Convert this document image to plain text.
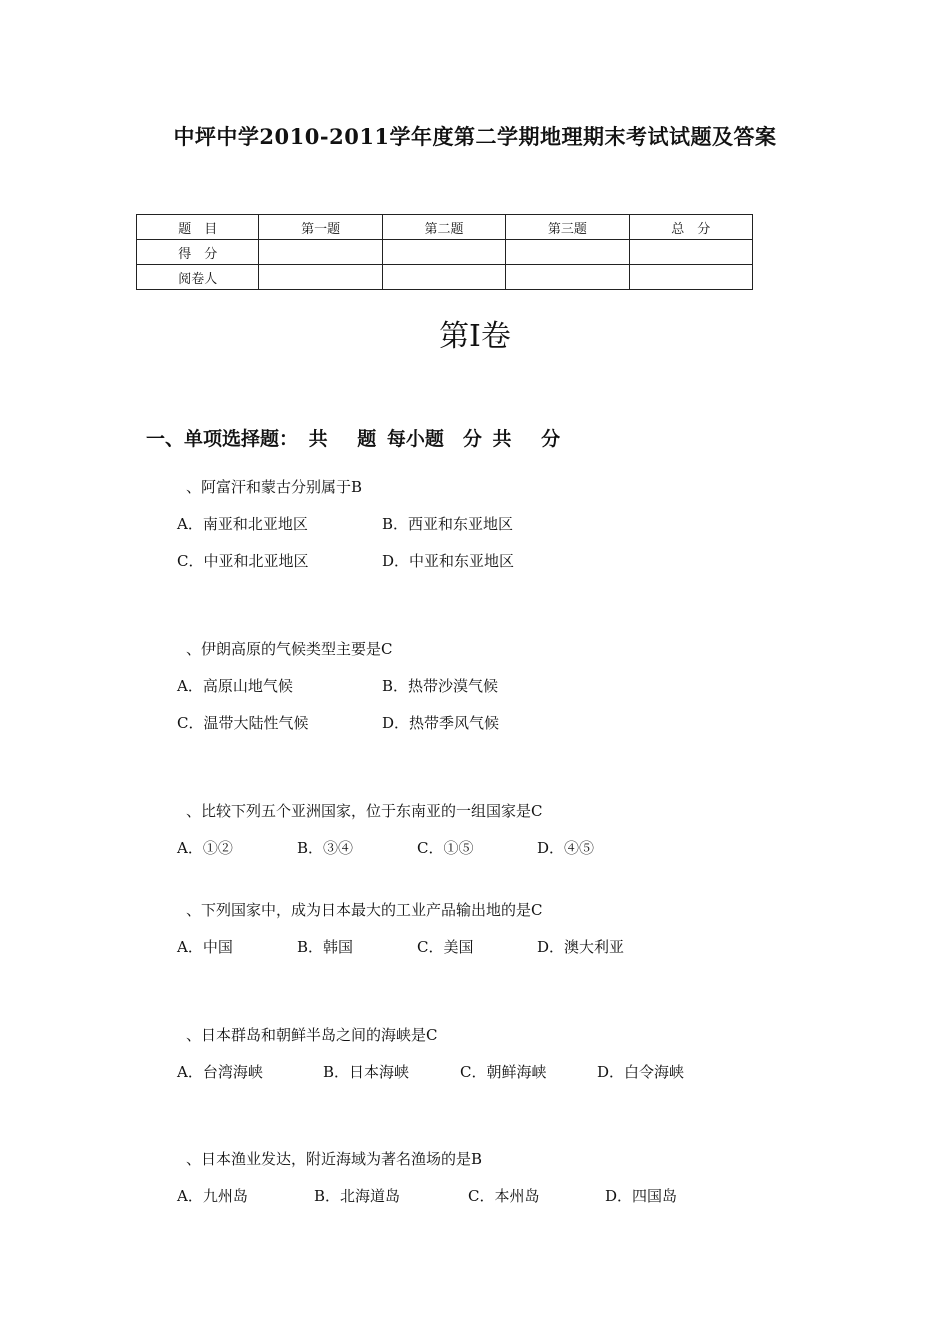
中坪中学2010-2011学年度第二学期地理期末考试试题及答案
题　目	第一题	第二题	第三题	总　分
得　分				
阅卷人				
第I卷
一、单项选择题： 共　 题 每小题　分 共　 分
、阿富汗和蒙古分别属于B
A．南亚和北亚地区	B．西亚和东亚地区
C．中亚和北亚地区	D．中亚和东亚地区
、伊朗高原的气候类型主要是C
A．高原山地气候	B．热带沙漠气候
C．温带大陆性气候	D．热带季风气候
、比较下列五个亚洲国家，位于东南亚的一组国家是C
A．①②	B．③④	C．①⑤	D．④⑤
、下列国家中，成为日本最大的工业产品输出地的是C
A．中国	B．韩国	C．美国	D．澳大利亚
、日本群岛和朝鲜半岛之间的海峡是C
A．台湾海峡	B．日本海峡	C．朝鲜海峡	D．白令海峡
、日本渔业发达，附近海域为著名渔场的是B
A．九州岛	B．北海道岛	C．本州岛	D．四国岛
